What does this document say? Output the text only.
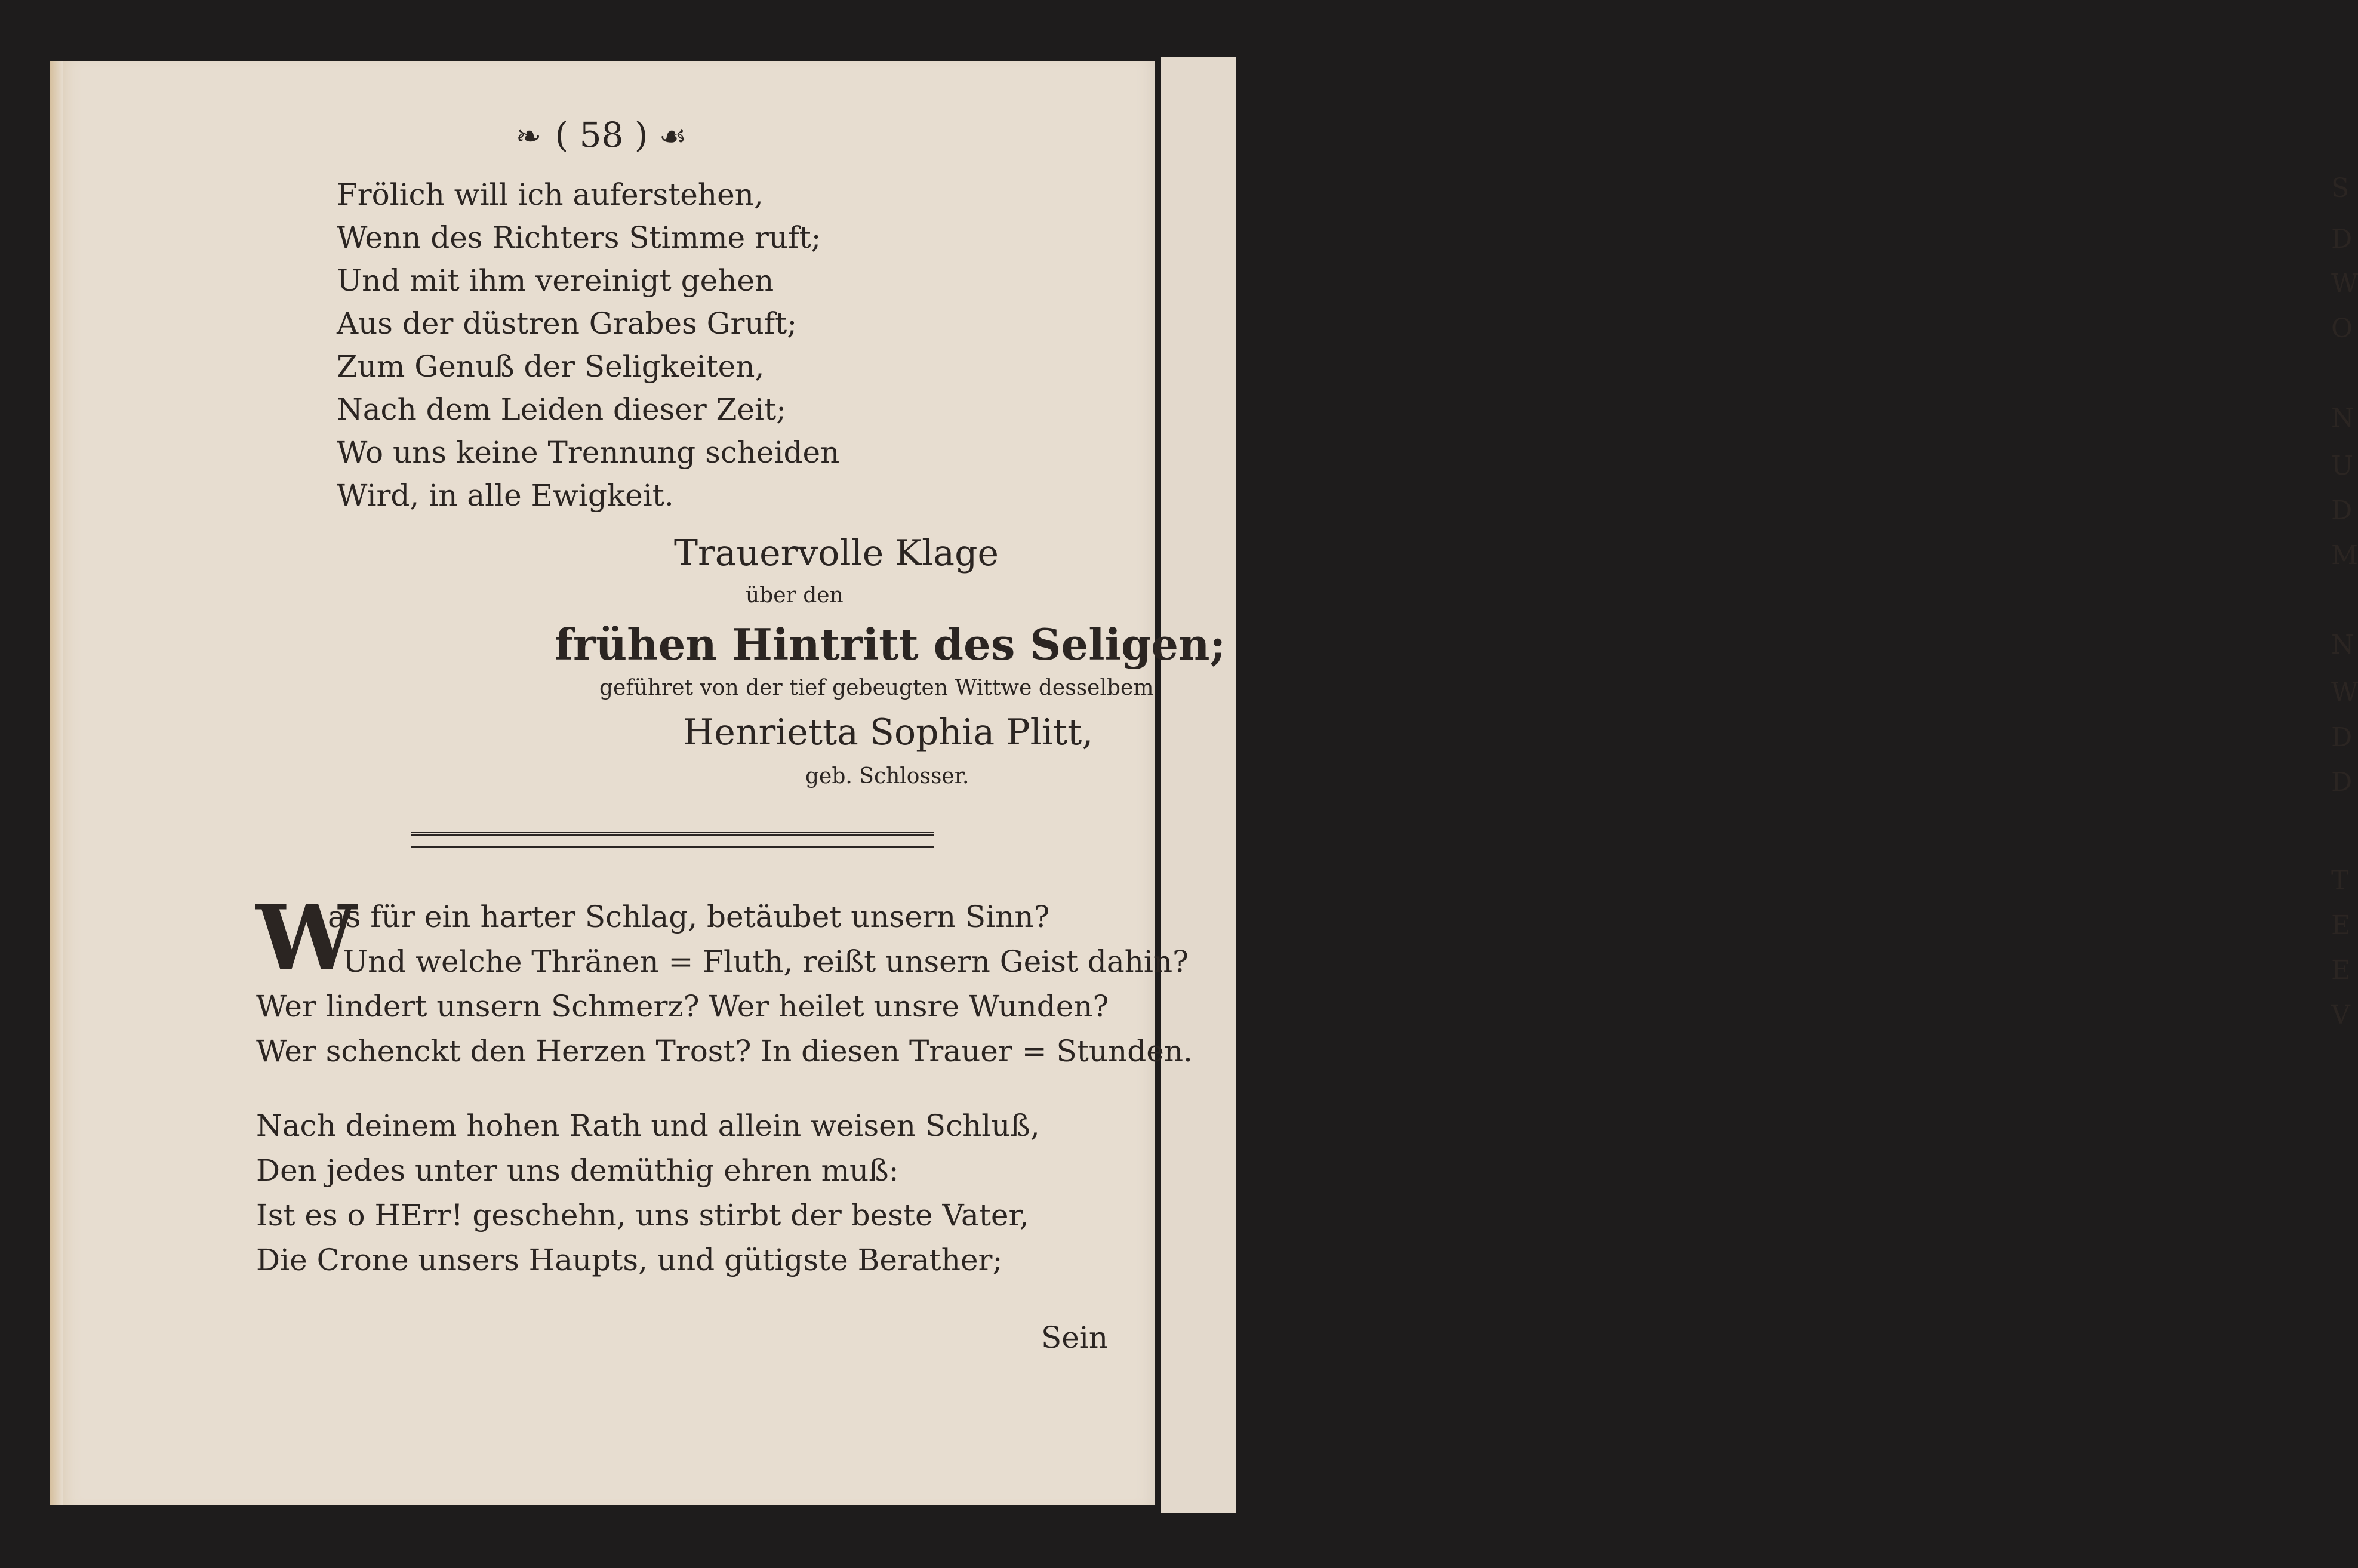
S
D
W
O
N
U
D
M
N
W
D
D
T
E
E
V
❧ ( 58 ) ☙
Frölich will ich auferstehen,
Wenn des Richters Stimme ruft;
Und mit ihm vereinigt gehen
Aus der düstren Grabes Gruft;
Zum Genuß der Seligkeiten,
Nach dem Leiden dieser Zeit;
Wo uns keine Trennung scheiden
Wird, in alle Ewigkeit.
Trauervolle Klage
über den
frühen Hintritt des Seligen;
geführet von der tief gebeugten Wittwe desselbem
Henrietta Sophia Plitt,
geb. Schlosser.
W
as für ein harter Schlag, betäubet unsern Sinn?
Und welche Thränen = Fluth, reißt unsern Geist dahin?
Wer lindert unsern Schmerz? Wer heilet unsre Wunden?
Wer schenckt den Herzen Trost? In diesen Trauer = Stunden.
Nach deinem hohen Rath und allein weisen Schluß,
Den jedes unter uns demüthig ehren muß:
Ist es o HErr! geschehn, uns stirbt der beste Vater,
Die Crone unsers Haupts, und gütigste Berather;
Sein
